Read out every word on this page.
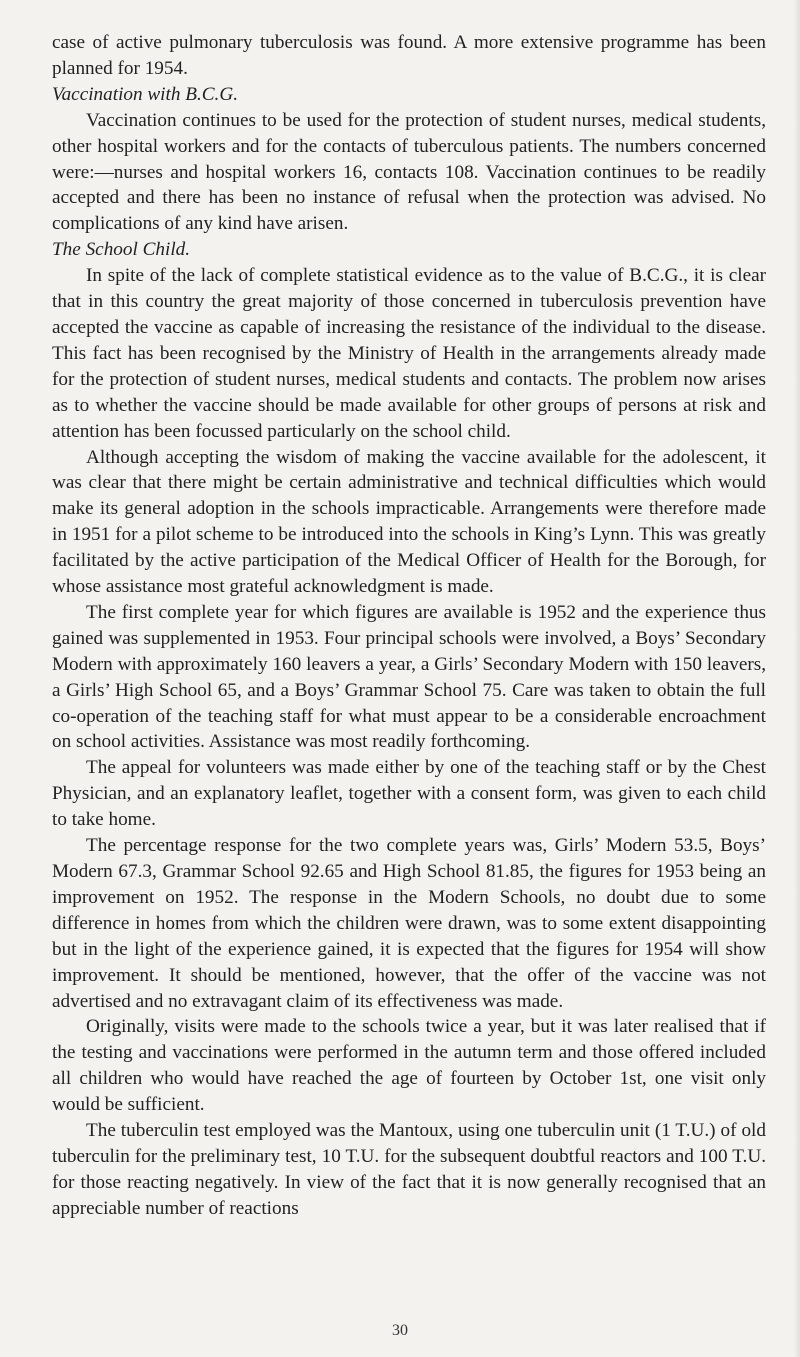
case of active pulmonary tuberculosis was found. A more extensive programme has been planned for 1954.

Vaccination with B.C.G.

Vaccination continues to be used for the protection of student nurses, medical students, other hospital workers and for the contacts of tuberculous patients. The numbers concerned were:—nurses and hospital workers 16, contacts 108. Vaccination continues to be readily accepted and there has been no instance of refusal when the protection was advised. No complications of any kind have arisen.

The School Child.

In spite of the lack of complete statistical evidence as to the value of B.C.G., it is clear that in this country the great majority of those concerned in tuberculosis prevention have accepted the vaccine as capable of increasing the resistance of the individual to the disease. This fact has been recognised by the Ministry of Health in the arrangements already made for the protection of student nurses, medical students and contacts. The problem now arises as to whether the vaccine should be made available for other groups of persons at risk and attention has been focussed particularly on the school child.

Although accepting the wisdom of making the vaccine available for the adolescent, it was clear that there might be certain administrative and technical difficulties which would make its general adoption in the schools impracticable. Arrangements were therefore made in 1951 for a pilot scheme to be introduced into the schools in King’s Lynn. This was greatly facilitated by the active participation of the Medical Officer of Health for the Borough, for whose assistance most grateful acknowledgment is made.

The first complete year for which figures are available is 1952 and the experience thus gained was supplemented in 1953. Four principal schools were involved, a Boys’ Secondary Modern with approximately 160 leavers a year, a Girls’ Secondary Modern with 150 leavers, a Girls’ High School 65, and a Boys’ Grammar School 75. Care was taken to obtain the full co-operation of the teaching staff for what must appear to be a considerable encroachment on school activities. Assistance was most readily forthcoming.

The appeal for volunteers was made either by one of the teaching staff or by the Chest Physician, and an explanatory leaflet, together with a consent form, was given to each child to take home.

The percentage response for the two complete years was, Girls’ Modern 53.5, Boys’ Modern 67.3, Grammar School 92.65 and High School 81.85, the figures for 1953 being an improvement on 1952. The response in the Modern Schools, no doubt due to some difference in homes from which the children were drawn, was to some extent disappointing but in the light of the experience gained, it is expected that the figures for 1954 will show improvement. It should be mentioned, however, that the offer of the vaccine was not advertised and no extravagant claim of its effectiveness was made.

Originally, visits were made to the schools twice a year, but it was later realised that if the testing and vaccinations were performed in the autumn term and those offered included all children who would have reached the age of fourteen by October 1st, one visit only would be sufficient.

The tuberculin test employed was the Mantoux, using one tuberculin unit (1 T.U.) of old tuberculin for the preliminary test, 10 T.U. for the subsequent doubtful reactors and 100 T.U. for those reacting negatively. In view of the fact that it is now generally recognised that an appreciable number of reactions

30
